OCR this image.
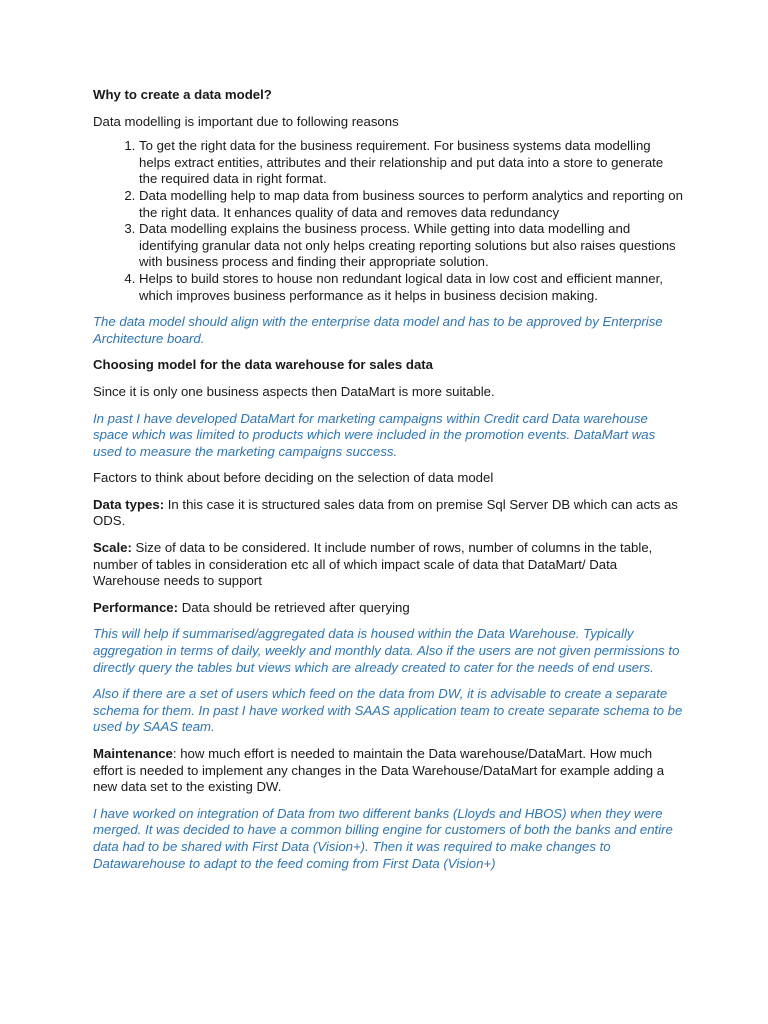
Why to create a data model?

Data modelling is important due to following reasons

1. To get the right data for the business requirement. For business systems data modelling helps extract entities, attributes and their relationship and put data into a store to generate the required data in right format.
2. Data modelling help to map data from business sources to perform analytics and reporting on the right data. It enhances quality of data and removes data redundancy
3. Data modelling explains the business process. While getting into data modelling and identifying granular data not only helps creating reporting solutions but also raises questions with business process and finding their appropriate solution.
4. Helps to build stores to house non redundant logical data in low cost and efficient manner, which improves business performance as it helps in business decision making.

The data model should align with the enterprise data model and has to be approved by Enterprise Architecture board.

Choosing model for the data warehouse for sales data

Since it is only one business aspects then DataMart is more suitable.

In past I have developed DataMart for marketing campaigns within Credit card Data warehouse space which was limited to products which were included in the promotion events. DataMart was used to measure the marketing campaigns success.

Factors to think about before deciding on the selection of data model

Data types: In this case it is structured sales data from on premise Sql Server DB which can acts as ODS.

Scale: Size of data to be considered. It include number of rows, number of columns in the table, number of tables in consideration etc all of which impact scale of data that DataMart/ Data Warehouse needs to support

Performance: Data should be retrieved after querying

This will help if summarised/aggregated data is housed within the Data Warehouse. Typically aggregation in terms of daily, weekly and monthly data. Also if the users are not given permissions to directly query the tables but views which are already created to cater for the needs of end users.

Also if there are a set of users which feed on the data from DW, it is advisable to create a separate schema for them. In past I have worked with SAAS application team to create separate schema to be used by SAAS team.

Maintenance: how much effort is needed to maintain the Data warehouse/DataMart. How much effort is needed to implement any changes in the Data Warehouse/DataMart for example adding a new data set to the existing DW.

I have worked on integration of Data from two different banks (Lloyds and HBOS) when they were merged. It was decided to have a common billing engine for customers of both the banks and entire data had to be shared with First Data (Vision+). Then it was required to make changes to Datawarehouse to adapt to the feed coming from First Data (Vision+)
